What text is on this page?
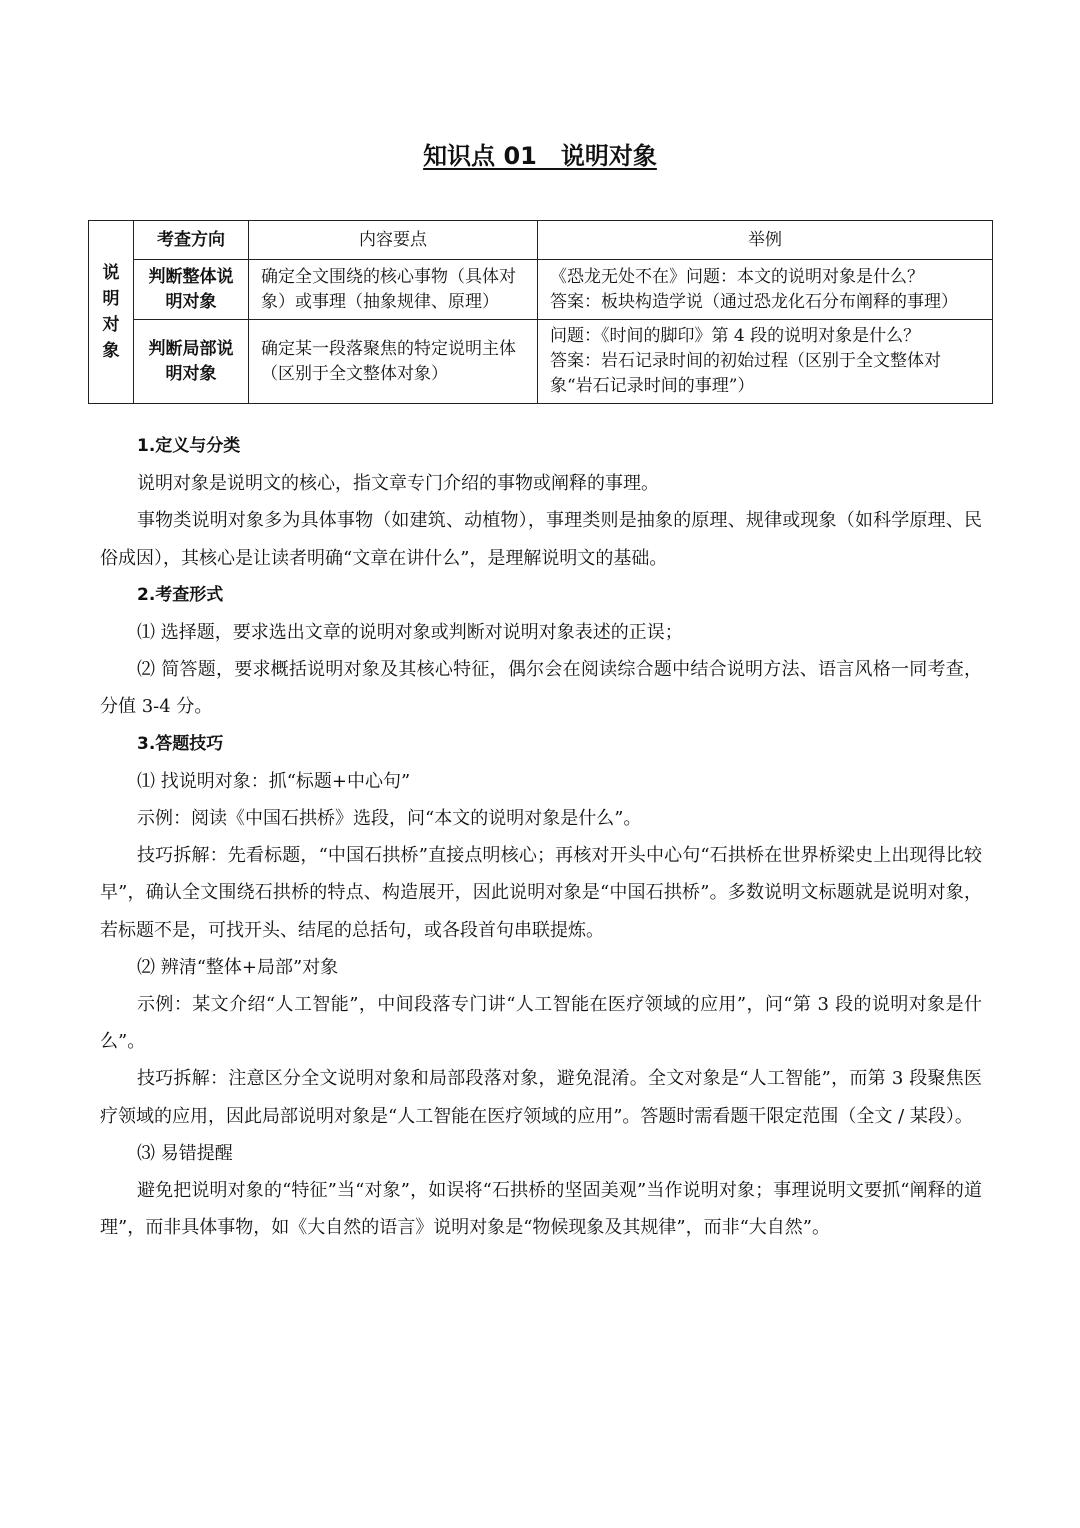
知识点 01　说明对象
说明对象	考查方向	内容要点	举例
	判断整体说明对象	确定全文围绕的核心事物（具体对象）或事理（抽象规律、原理）	《恐龙无处不在》问题：本文的说明对象是什么？
答案：板块构造学说（通过恐龙化石分布阐释的事理）

	判断局部说明对象	确定某一段落聚焦的特定说明主体（区别于全文整体对象）	问题：《时间的脚印》第 4 段的说明对象是什么？
答案：岩石记录时间的初始过程（区别于全文整体对象“岩石记录时间的事理”）

1.定义与分类

说明对象是说明文的核心，指文章专门介绍的事物或阐释的事理。

事物类说明对象多为具体事物（如建筑、动植物），事理类则是抽象的原理、规律或现象（如科学原理、民俗成因），其核心是让读者明确“文章在讲什么”，是理解说明文的基础。

2.考查形式

⑴ 选择题，要求选出文章的说明对象或判断对说明对象表述的正误；

⑵ 简答题，要求概括说明对象及其核心特征，偶尔会在阅读综合题中结合说明方法、语言风格一同考查，分值 3-4 分。

3.答题技巧

⑴ 找说明对象：抓“标题+中心句”

示例：阅读《中国石拱桥》选段，问“本文的说明对象是什么”。

技巧拆解：先看标题，“中国石拱桥”直接点明核心；再核对开头中心句“石拱桥在世界桥梁史上出现得比较早”，确认全文围绕石拱桥的特点、构造展开，因此说明对象是“中国石拱桥”。多数说明文标题就是说明对象，若标题不是，可找开头、结尾的总括句，或各段首句串联提炼。

⑵ 辨清“整体+局部”对象

示例：某文介绍“人工智能”，中间段落专门讲“人工智能在医疗领域的应用”，问“第 3 段的说明对象是什么”。

技巧拆解：注意区分全文说明对象和局部段落对象，避免混淆。全文对象是“人工智能”，而第 3 段聚焦医疗领域的应用，因此局部说明对象是“人工智能在医疗领域的应用”。答题时需看题干限定范围（全文 / 某段）。

⑶ 易错提醒

避免把说明对象的“特征”当“对象”，如误将“石拱桥的坚固美观”当作说明对象；事理说明文要抓“阐释的道理”，而非具体事物，如《大自然的语言》说明对象是“物候现象及其规律”，而非“大自然”。
